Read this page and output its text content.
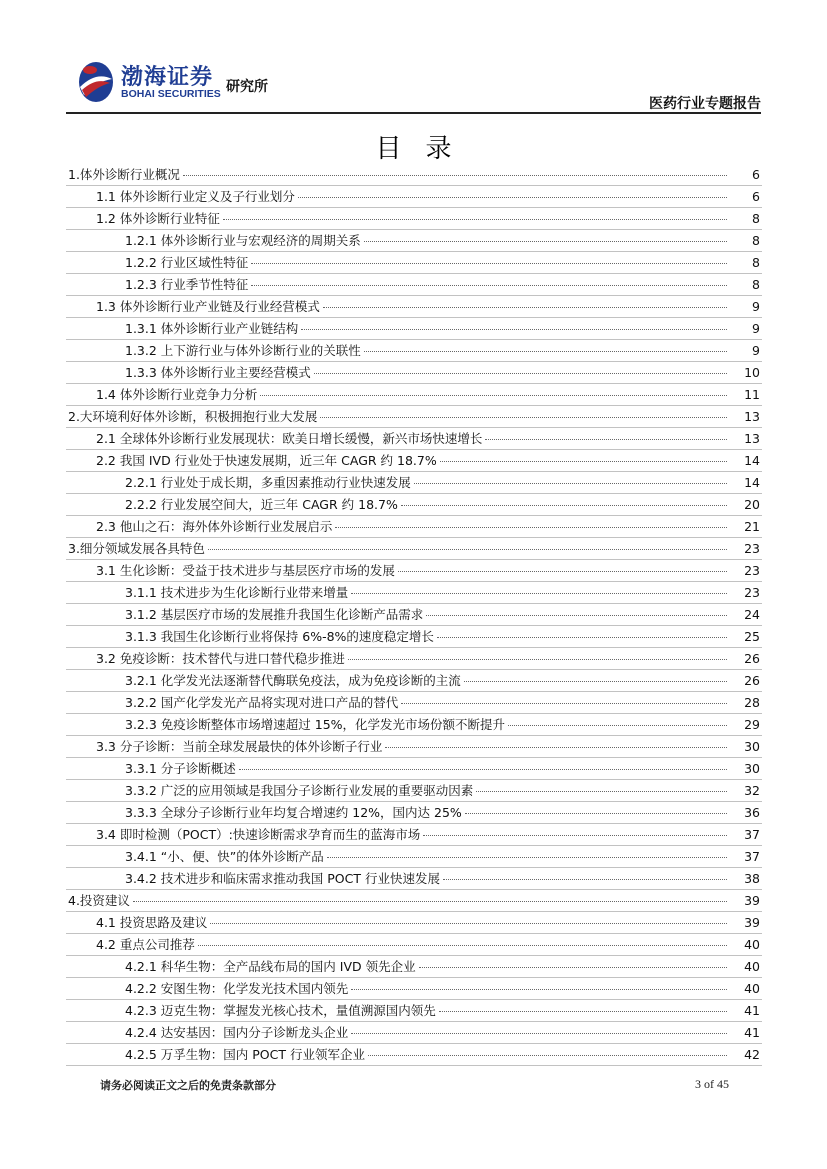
渤海证券
BOHAI SECURITIES 研究所
医药行业专题报告
目录
1.体外诊断行业概况	6
1.1 体外诊断行业定义及子行业划分	6
1.2 体外诊断行业特征	8
1.2.1 体外诊断行业与宏观经济的周期关系	8
1.2.2 行业区域性特征	8
1.2.3 行业季节性特征	8
1.3 体外诊断行业产业链及行业经营模式	9
1.3.1 体外诊断行业产业链结构	9
1.3.2 上下游行业与体外诊断行业的关联性	9
1.3.3 体外诊断行业主要经营模式	10
1.4 体外诊断行业竞争力分析	11
2.大环境利好体外诊断，积极拥抱行业大发展	13
2.1 全球体外诊断行业发展现状：欧美日增长缓慢，新兴市场快速增长	13
2.2 我国 IVD 行业处于快速发展期，近三年 CAGR 约 18.7%	14
2.2.1 行业处于成长期，多重因素推动行业快速发展	14
2.2.2 行业发展空间大，近三年 CAGR 约 18.7%	20
2.3 他山之石：海外体外诊断行业发展启示	21
3.细分领域发展各具特色	23
3.1 生化诊断：受益于技术进步与基层医疗市场的发展	23
3.1.1 技术进步为生化诊断行业带来增量	23
3.1.2 基层医疗市场的发展推升我国生化诊断产品需求	24
3.1.3 我国生化诊断行业将保持 6%-8%的速度稳定增长	25
3.2 免疫诊断：技术替代与进口替代稳步推进	26
3.2.1 化学发光法逐渐替代酶联免疫法，成为免疫诊断的主流	26
3.2.2 国产化学发光产品将实现对进口产品的替代	28
3.2.3 免疫诊断整体市场增速超过 15%，化学发光市场份额不断提升	29
3.3 分子诊断：当前全球发展最快的体外诊断子行业	30
3.3.1 分子诊断概述	30
3.3.2 广泛的应用领域是我国分子诊断行业发展的重要驱动因素	32
3.3.3 全球分子诊断行业年均复合增速约 12%，国内达 25%	36
3.4 即时检测（POCT）:快速诊断需求孕育而生的蓝海市场	37
3.4.1 “小、便、快”的体外诊断产品	37
3.4.2 技术进步和临床需求推动我国 POCT 行业快速发展	38
4.投资建议	39
4.1 投资思路及建议	39
4.2 重点公司推荐	40
4.2.1 科华生物：全产品线布局的国内 IVD 领先企业	40
4.2.2 安图生物：化学发光技术国内领先	40
4.2.3 迈克生物：掌握发光核心技术，量值溯源国内领先	41
4.2.4 达安基因：国内分子诊断龙头企业	41
4.2.5 万孚生物：国内 POCT 行业领军企业	42
请务必阅读正文之后的免责条款部分	3 of 45
